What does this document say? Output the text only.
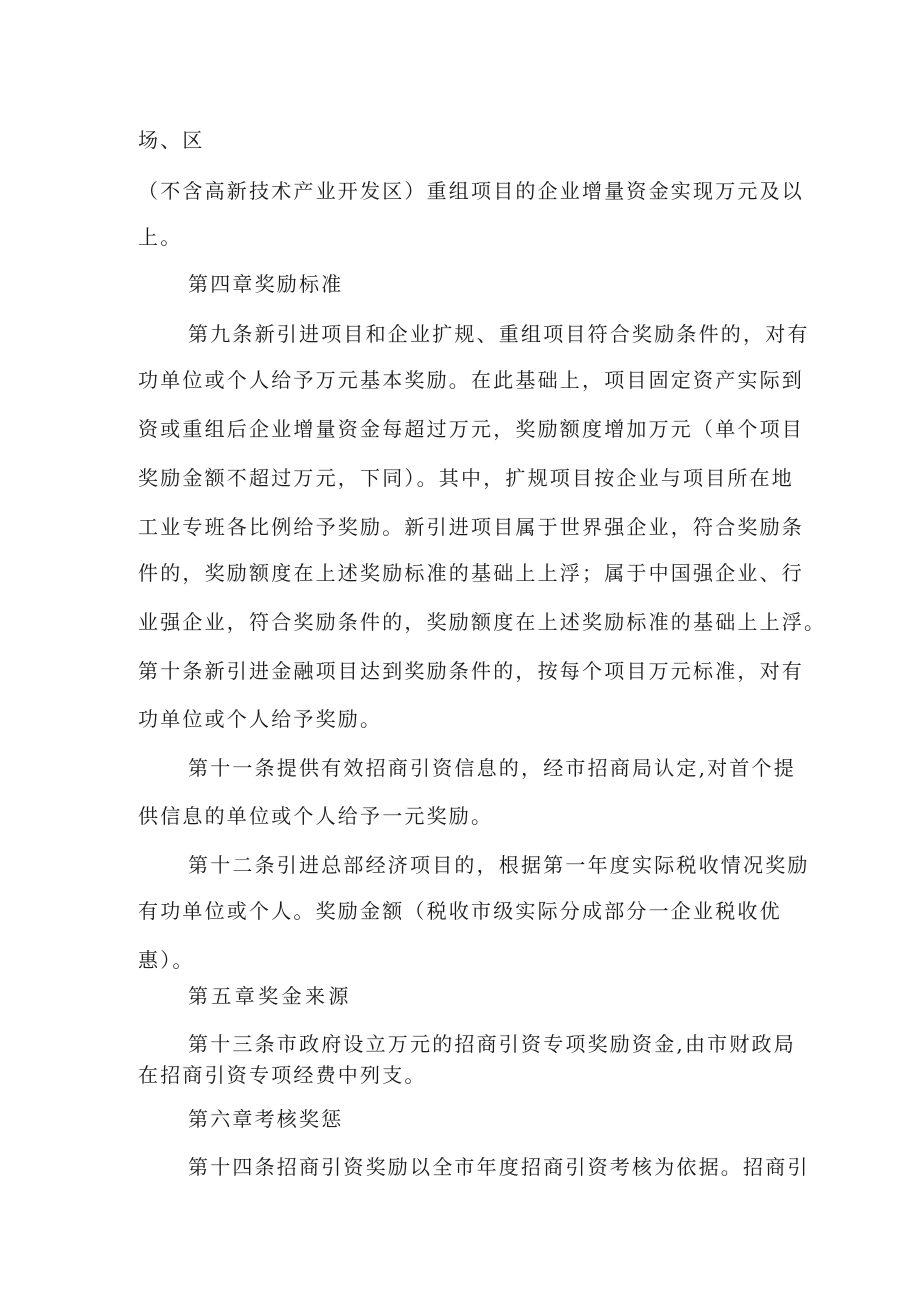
场、区
（不含高新技术产业开发区）重组项目的企业增量资金实现万元及以
上。
第四章奖励标准
第九条新引进项目和企业扩规、重组项目符合奖励条件的，对有
功单位或个人给予万元基本奖励。在此基础上，项目固定资产实际到
资或重组后企业增量资金每超过万元，奖励额度增加万元（单个项目
奖励金额不超过万元，下同）。其中，扩规项目按企业与项目所在地
工业专班各比例给予奖励。新引进项目属于世界强企业，符合奖励条
件的，奖励额度在上述奖励标准的基础上上浮；属于中国强企业、行
业强企业，符合奖励条件的，奖励额度在上述奖励标准的基础上上浮。
第十条新引进金融项目达到奖励条件的，按每个项目万元标准，对有
功单位或个人给予奖励。
第十一条提供有效招商引资信息的，经市招商局认定,对首个提
供信息的单位或个人给予一元奖励。
第十二条引进总部经济项目的，根据第一年度实际税收情况奖励
有功单位或个人。奖励金额（税收市级实际分成部分一企业税收优
惠）。
第五章奖金来源
第十三条市政府设立万元的招商引资专项奖励资金,由市财政局
在招商引资专项经费中列支。
第六章考核奖惩
第十四条招商引资奖励以全市年度招商引资考核为依据。招商引
